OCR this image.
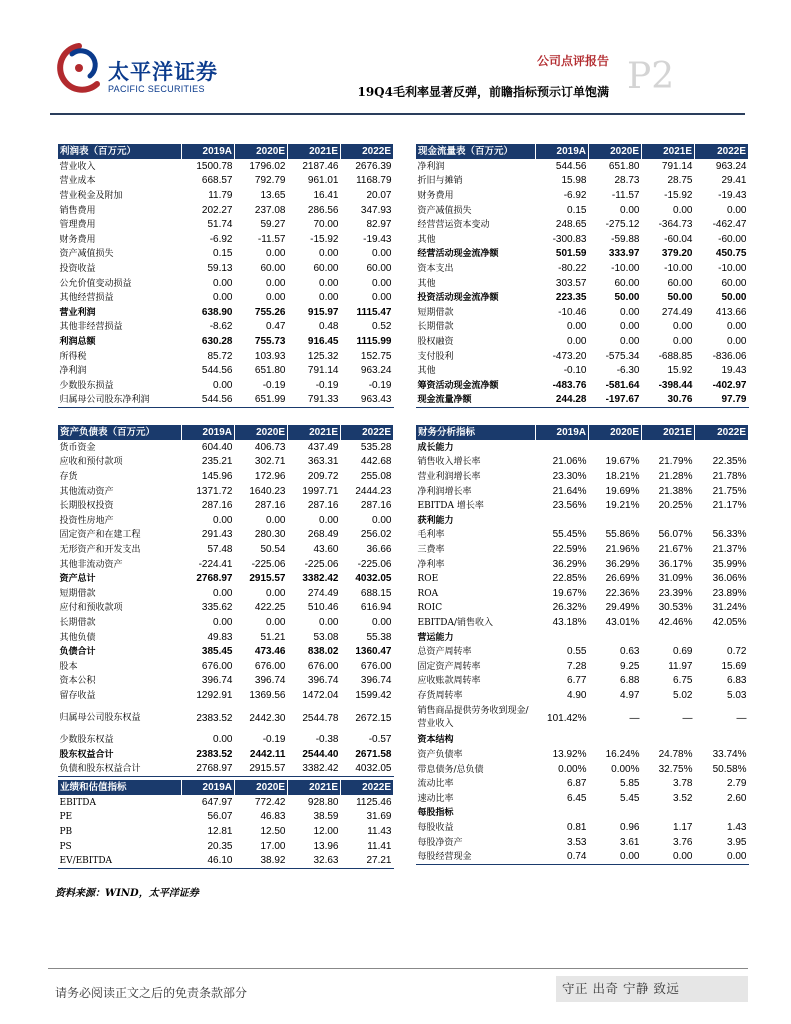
太平洋证券
PACIFIC SECURITIES
公司点评报告
19Q4毛利率显著反弹，前瞻指标预示订单饱满 P2
利润表（百万元）	2019A	2020E	2021E	2022E
营业收入	1500.78	1796.02	2187.46	2676.39
营业成本	668.57	792.79	961.01	1168.79
营业税金及附加	11.79	13.65	16.41	20.07
销售费用	202.27	237.08	286.56	347.93
管理费用	51.74	59.27	70.00	82.97
财务费用	-6.92	-11.57	-15.92	-19.43
资产减值损失	0.15	0.00	0.00	0.00
投资收益	59.13	60.00	60.00	60.00
公允价值变动损益	0.00	0.00	0.00	0.00
其他经营损益	0.00	0.00	0.00	0.00
营业利润	638.90	755.26	915.97	1115.47
其他非经营损益	-8.62	0.47	0.48	0.52
利润总额	630.28	755.73	916.45	1115.99
所得税	85.72	103.93	125.32	152.75
净利润	544.56	651.80	791.14	963.24
少数股东损益	0.00	-0.19	-0.19	-0.19
归属母公司股东净利润	544.56	651.99	791.33	963.43
现金流量表（百万元）	2019A	2020E	2021E	2022E
净利润	544.56	651.80	791.14	963.24
折旧与摊销	15.98	28.73	28.75	29.41
财务费用	-6.92	-11.57	-15.92	-19.43
资产减值损失	0.15	0.00	0.00	0.00
经营营运资本变动	248.65	-275.12	-364.73	-462.47
其他	-300.83	-59.88	-60.04	-60.00
经营活动现金流净额	501.59	333.97	379.20	450.75
资本支出	-80.22	-10.00	-10.00	-10.00
其他	303.57	60.00	60.00	60.00
投资活动现金流净额	223.35	50.00	50.00	50.00
短期借款	-10.46	0.00	274.49	413.66
长期借款	0.00	0.00	0.00	0.00
股权融资	0.00	0.00	0.00	0.00
支付股利	-473.20	-575.34	-688.85	-836.06
其他	-0.10	-6.30	15.92	19.43
筹资活动现金流净额	-483.76	-581.64	-398.44	-402.97
现金流量净额	244.28	-197.67	30.76	97.79
资产负债表（百万元）	2019A	2020E	2021E	2022E
货币资金	604.40	406.73	437.49	535.28
应收和预付款项	235.21	302.71	363.31	442.68
存货	145.96	172.96	209.72	255.08
其他流动资产	1371.72	1640.23	1997.71	2444.23
长期股权投资	287.16	287.16	287.16	287.16
投资性房地产	0.00	0.00	0.00	0.00
固定资产和在建工程	291.43	280.30	268.49	256.02
无形资产和开发支出	57.48	50.54	43.60	36.66
其他非流动资产	-224.41	-225.06	-225.06	-225.06
资产总计	2768.97	2915.57	3382.42	4032.05
短期借款	0.00	0.00	274.49	688.15
应付和预收款项	335.62	422.25	510.46	616.94
长期借款	0.00	0.00	0.00	0.00
其他负债	49.83	51.21	53.08	55.38
负债合计	385.45	473.46	838.02	1360.47
股本	676.00	676.00	676.00	676.00
资本公积	396.74	396.74	396.74	396.74
留存收益	1292.91	1369.56	1472.04	1599.42
归属母公司股东权益	2383.52	2442.30	2544.78	2672.15
少数股东权益	0.00	-0.19	-0.38	-0.57
股东权益合计	2383.52	2442.11	2544.40	2671.58
负债和股东权益合计	2768.97	2915.57	3382.42	4032.05
业绩和估值指标	2019A	2020E	2021E	2022E
EBITDA	647.97	772.42	928.80	1125.46
PE	56.07	46.83	38.59	31.69
PB	12.81	12.50	12.00	11.43
PS	20.35	17.00	13.96	11.41
EV/EBITDA	46.10	38.92	32.63	27.21
财务分析指标	2019A	2020E	2021E	2022E
成长能力				
销售收入增长率	21.06%	19.67%	21.79%	22.35%
营业利润增长率	23.30%	18.21%	21.28%	21.78%
净利润增长率	21.64%	19.69%	21.38%	21.75%
EBITDA 增长率	23.56%	19.21%	20.25%	21.17%
获利能力				
毛利率	55.45%	55.86%	56.07%	56.33%
三费率	22.59%	21.96%	21.67%	21.37%
净利率	36.29%	36.29%	36.17%	35.99%
ROE	22.85%	26.69%	31.09%	36.06%
ROA	19.67%	22.36%	23.39%	23.89%
ROIC	26.32%	29.49%	30.53%	31.24%
EBITDA/销售收入	43.18%	43.01%	42.46%	42.05%
营运能力				
总资产周转率	0.55	0.63	0.69	0.72
固定资产周转率	7.28	9.25	11.97	15.69
应收账款周转率	6.77	6.88	6.75	6.83
存货周转率	4.90	4.97	5.02	5.03
销售商品提供劳务收到现金/营业收入	101.42%	—	—	—
资本结构				
资产负债率	13.92%	16.24%	24.78%	33.74%
带息债务/总负债	0.00%	0.00%	32.75%	50.58%
流动比率	6.87	5.85	3.78	2.79
速动比率	6.45	5.45	3.52	2.60
每股指标				
每股收益	0.81	0.96	1.17	1.43
每股净资产	3.53	3.61	3.76	3.95
每股经营现金	0.74	0.00	0.00	0.00
资料来源：WIND，太平洋证券
请务必阅读正文之后的免责条款部分	守正 出奇 宁静 致远
